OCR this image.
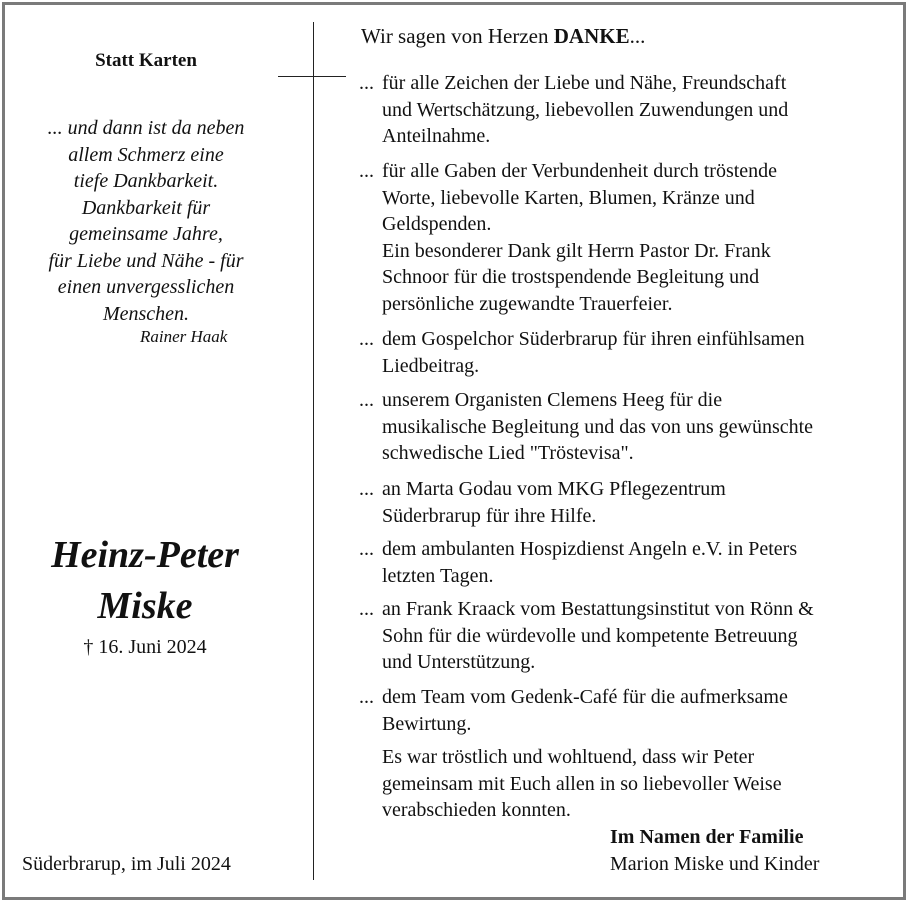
Statt Karten
... und dann ist da neben
allem Schmerz eine
tiefe Dankbarkeit.
Dankbarkeit für
gemeinsame Jahre,
für Liebe und Nähe - für
einen unvergesslichen
Menschen.
Rainer Haak
Heinz-Peter
Miske
† 16. Juni 2024
Süderbrarup, im Juli 2024
Wir sagen von Herzen DANKE...
... für alle Zeichen der Liebe und Nähe, Freundschaft
und Wertschätzung, liebevollen Zuwendungen und
Anteilnahme.
... für alle Gaben der Verbundenheit durch tröstende
Worte, liebevolle Karten, Blumen, Kränze und
Geldspenden.
Ein besonderer Dank gilt Herrn Pastor Dr. Frank
Schnoor für die trostspendende Begleitung und
persönliche zugewandte Trauerfeier.
... dem Gospelchor Süderbrarup für ihren einfühlsamen
Liedbeitrag.
... unserem Organisten Clemens Heeg für die
musikalische Begleitung und das von uns gewünschte
schwedische Lied "Tröstevisa".
... an Marta Godau vom MKG Pflegezentrum
Süderbrarup für ihre Hilfe.
... dem ambulanten Hospizdienst Angeln e.V. in Peters
letzten Tagen.
... an Frank Kraack vom Bestattungsinstitut von Rönn &
Sohn für die würdevolle und kompetente Betreuung
und Unterstützung.
... dem Team vom Gedenk-Café für die aufmerksame
Bewirtung.
Es war tröstlich und wohltuend, dass wir Peter
gemeinsam mit Euch allen in so liebevoller Weise
verabschieden konnten.
Im Namen der Familie
Marion Miske und Kinder
